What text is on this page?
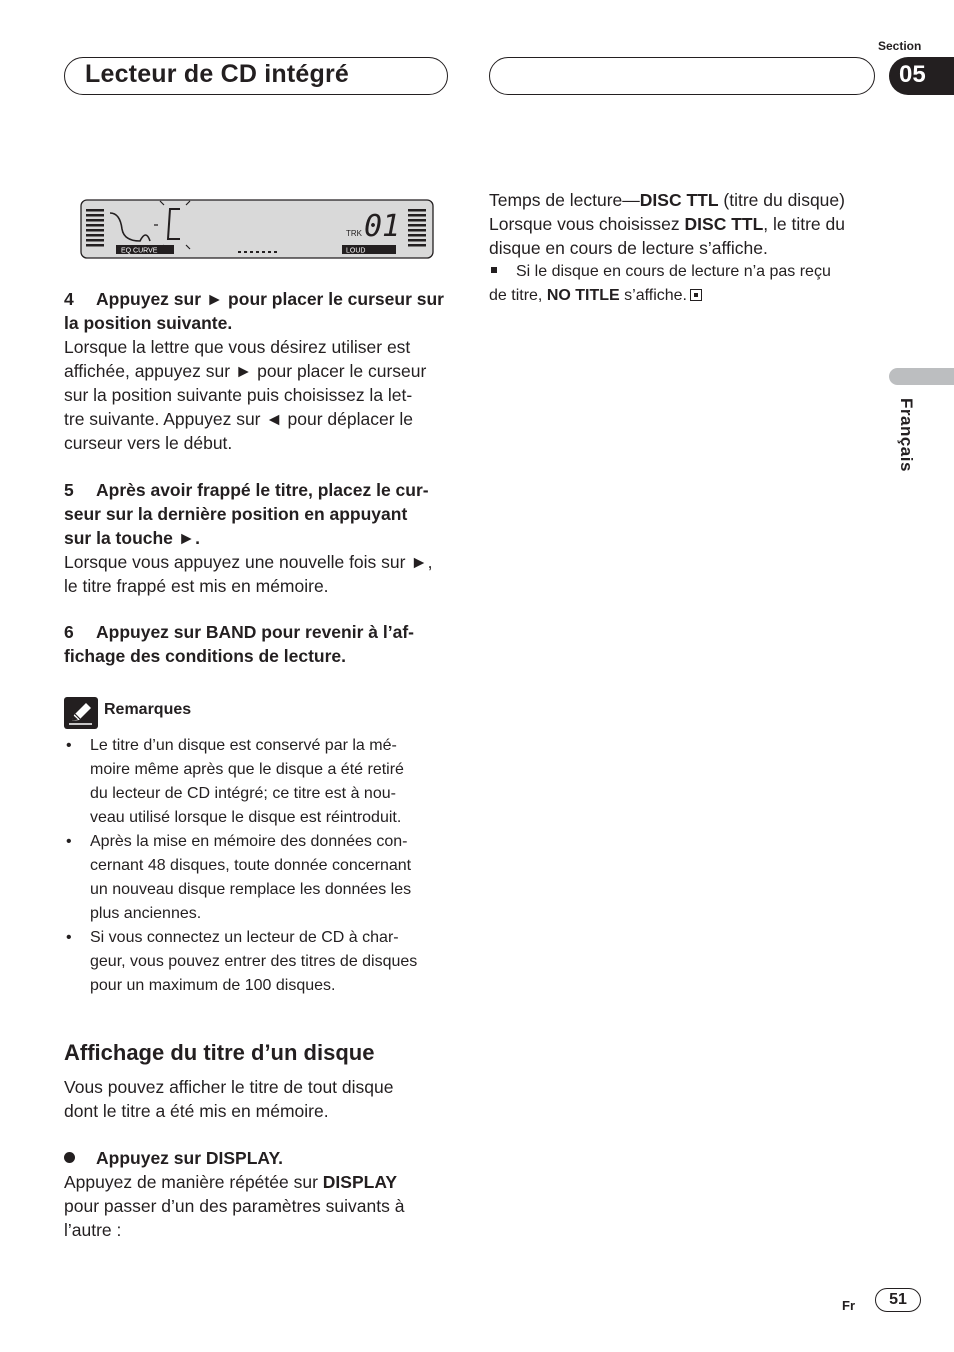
Lecteur de CD intégré
Section
05
Français
EQ CURVE
TRK 01
LOUD
4 Appuyez sur ► pour placer le curseur sur la position suivante.
Lorsque la lettre que vous désirez utiliser est
affichée, appuyez sur ► pour placer le curseur
sur la position suivante puis choisissez la let-
tre suivante. Appuyez sur ◄ pour déplacer le
curseur vers le début.
5 Après avoir frappé le titre, placez le cur-
seur sur la dernière position en appuyant
sur la touche ►.
Lorsque vous appuyez une nouvelle fois sur ►,
le titre frappé est mis en mémoire.
6 Appuyez sur BAND pour revenir à l’af-
fichage des conditions de lecture.
Remarques
• Le titre d’un disque est conservé par la mé-
moire même après que le disque a été retiré
du lecteur de CD intégré; ce titre est à nou-
veau utilisé lorsque le disque est réintroduit.
• Après la mise en mémoire des données con-
cernant 48 disques, toute donnée concernant
un nouveau disque remplace les données les
plus anciennes.
• Si vous connectez un lecteur de CD à char-
geur, vous pouvez entrer des titres de disques
pour un maximum de 100 disques.
Affichage du titre d’un disque
Vous pouvez afficher le titre de tout disque
dont le titre a été mis en mémoire.
Appuyez sur DISPLAY.
Appuyez de manière répétée sur DISPLAY
pour passer d’un des paramètres suivants à
l’autre :
Temps de lecture—DISC TTL (titre du disque)
Lorsque vous choisissez DISC TTL, le titre du
disque en cours de lecture s’affiche.
Si le disque en cours de lecture n’a pas reçu
de titre, NO TITLE s’affiche.
Fr	51
